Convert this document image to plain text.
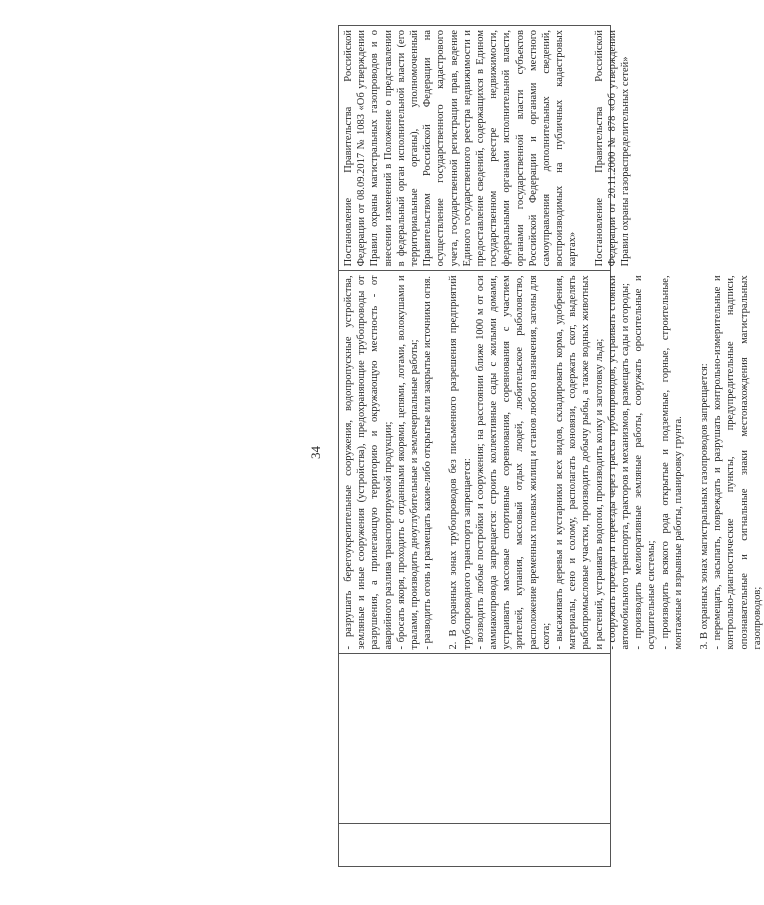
34 - разрушать берегоукрепительные сооружения, водопропускные устройства, земляные и иные сооружения (устройства), предохраняющие трубопроводы от разрушения, а прилегающую территорию и окружающую местность - от аварийного разлива транспортируемой продукции; - бросать якоря, проходить с отданными якорями, цепями, лотами, волокушами и тралами, производить дноуглубительные и землечерпальные работы; - разводить огонь и размещать какие-либо открытые или закрытые источники огня. 2. В охранных зонах трубопроводов без письменного разрешения предприятий трубопроводного транспорта запрещается: - возводить любые постройки и сооружения; на расстоянии ближе 1000 м от оси аммиакопровода запрещается: строить коллективные сады с жилыми домами, устраивать массовые спортивные соревнования, соревнования с участием зрителей, купания, массовый отдых людей, любительское рыболовство, расположение временных полевых жилищ и станов любого назначения, загоны для скота; - высаживать деревья и кустарники всех видов, складировать корма, удобрения, материалы, сено и солому, располагать коновязи, содержать скот, выделять рыбопромысловые участки, производить добычу рыбы, а также водных животных и растений, устраивать водопои, производить колку и заготовку льда; - сооружать проезды и переезды через трассы трубопроводов, устраивать стоянки автомобильного транспорта, тракторов и механизмов, размещать сады и огороды; - производить мелиоративные земляные работы, сооружать оросительные и осушительные системы; - производить всякого рода открытые и подземные, горные, строительные, монтажные и взрывные работы, планировку грунта. 3. В охранных зонах магистральных газопроводов запрещается: - перемещать, засыпать, повреждать и разрушать контрольно-измерительные и контрольно-диагностические пункты, предупредительные надписи, опознавательные и сигнальные знаки местонахождения магистральных газопроводов;

Постановление Правительства Российской Федерации от 08.09.2017 № 1083 «Об утверждении Правил охраны магистральных газопроводов и о внесении изменений в Положение о представлении в федеральный орган исполнительной власти (его территориальные органы), уполномоченный Правительством Российской Федерации на осуществление государственного кадастрового учета, государственной регистрации прав, ведение Единого государственного реестра недвижимости и предоставление сведений, содержащихся в Едином государственном реестре недвижимости, федеральными органами исполнительной власти, органами государственной власти субъектов Российской Федерации и органами местного самоуправления дополнительных сведений, воспроизводимых на публичных кадастровых картах» Постановление Правительства Российской Федерации от 20.11.2000 № 878 «Об утверждении Правил охраны газораспределительных сетей»
